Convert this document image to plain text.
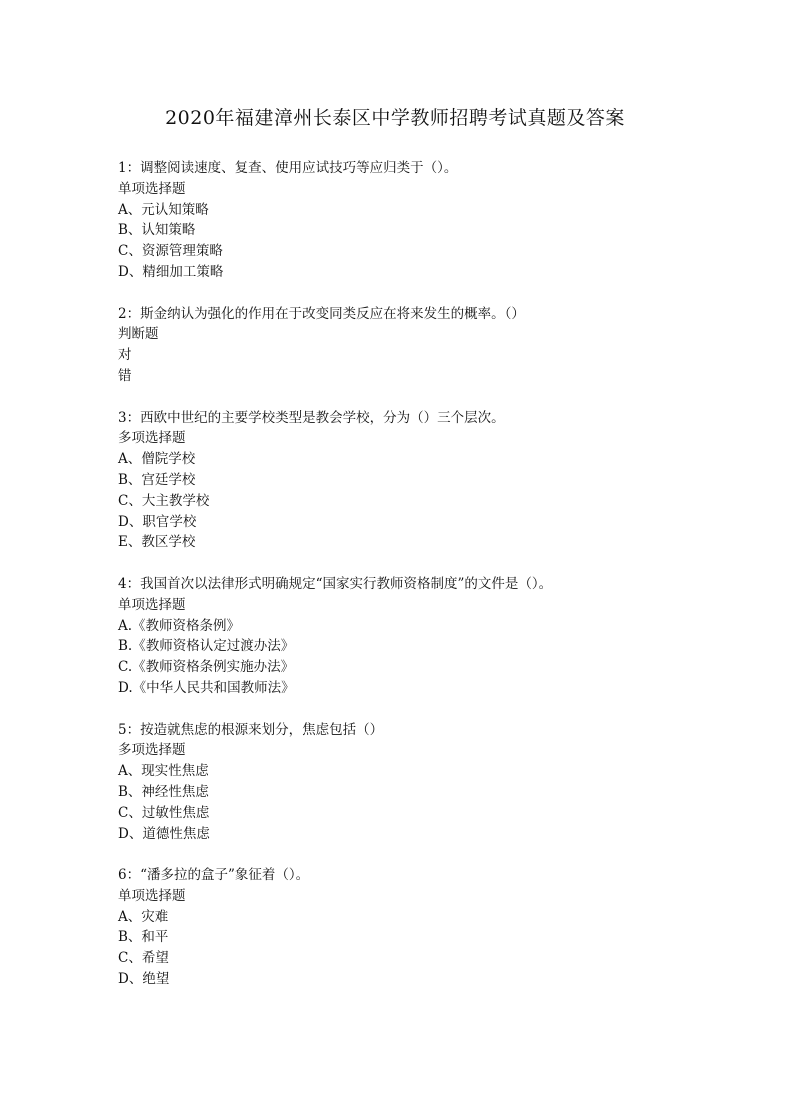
2020年福建漳州长泰区中学教师招聘考试真题及答案
1：调整阅读速度、复查、使用应试技巧等应归类于（）。
单项选择题
A、元认知策略
B、认知策略
C、资源管理策略
D、精细加工策略
2：斯金纳认为强化的作用在于改变同类反应在将来发生的概率。（）
判断题
对
错
3：西欧中世纪的主要学校类型是教会学校，分为（）三个层次。
多项选择题
A、僧院学校
B、宫廷学校
C、大主教学校
D、职官学校
E、教区学校
4：我国首次以法律形式明确规定“国家实行教师资格制度”的文件是（）。
单项选择题
A.《教师资格条例》
B.《教师资格认定过渡办法》
C.《教师资格条例实施办法》
D.《中华人民共和国教师法》
5：按造就焦虑的根源来划分，焦虑包括（）
多项选择题
A、现实性焦虑
B、神经性焦虑
C、过敏性焦虑
D、道德性焦虑
6：“潘多拉的盒子”象征着（）。
单项选择题
A、灾难
B、和平
C、希望
D、绝望
